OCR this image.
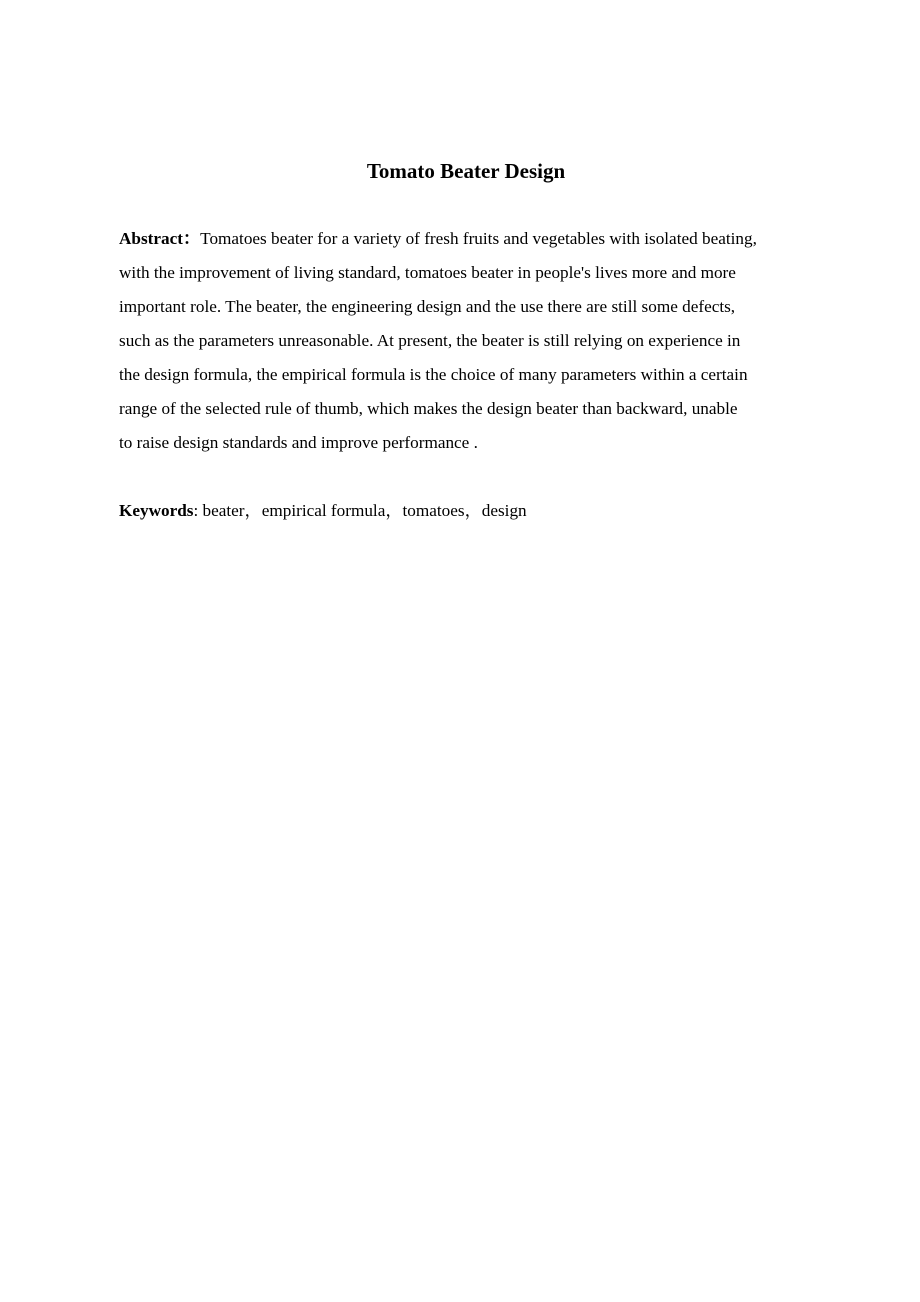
Tomato Beater Design

Abstract：Tomatoes beater for a variety of fresh fruits and vegetables with isolated beating,
with the improvement of living standard, tomatoes beater in people's lives more and more
important role. The beater, the engineering design and the use there are still some defects,
such as the parameters unreasonable. At present, the beater is still relying on experience in
the design formula, the empirical formula is the choice of many parameters within a certain
range of the selected rule of thumb, which makes the design beater than backward, unable
to raise design standards and improve performance .

Keywords: beater，empirical formula，tomatoes，design
